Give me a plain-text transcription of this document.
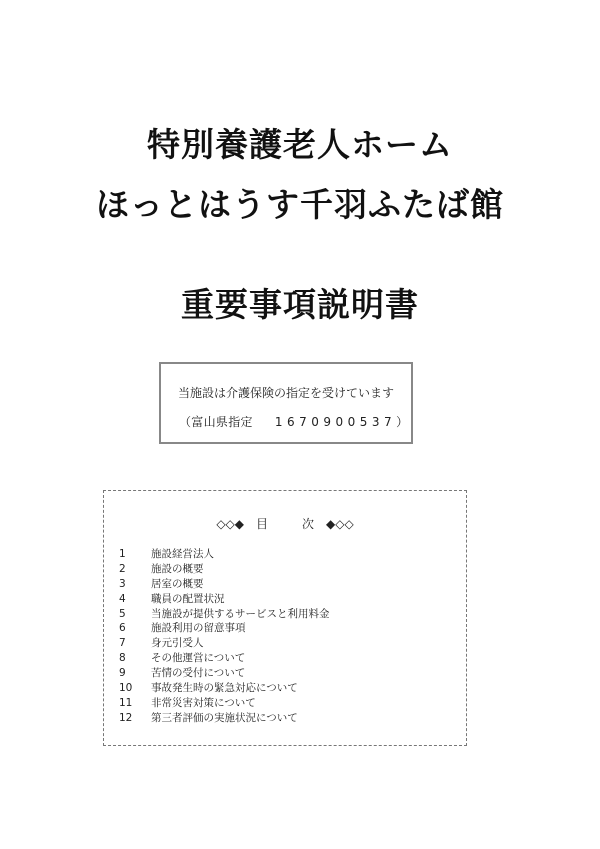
特別養護老人ホーム
ほっとはうす千羽ふたば館
重要事項説明書
当施設は介護保険の指定を受けています
（富山県指定 1670900537）
◇◇◆　目	次　◆◇◇
1 施設経営法人
2 施設の概要
3 居室の概要
4 職員の配置状況
5 当施設が提供するサービスと利用料金
6 施設利用の留意事項
7 身元引受人
8 その他運営について
9 苦情の受付について
10 事故発生時の緊急対応について
11 非常災害対策について
12 第三者評価の実施状況について
